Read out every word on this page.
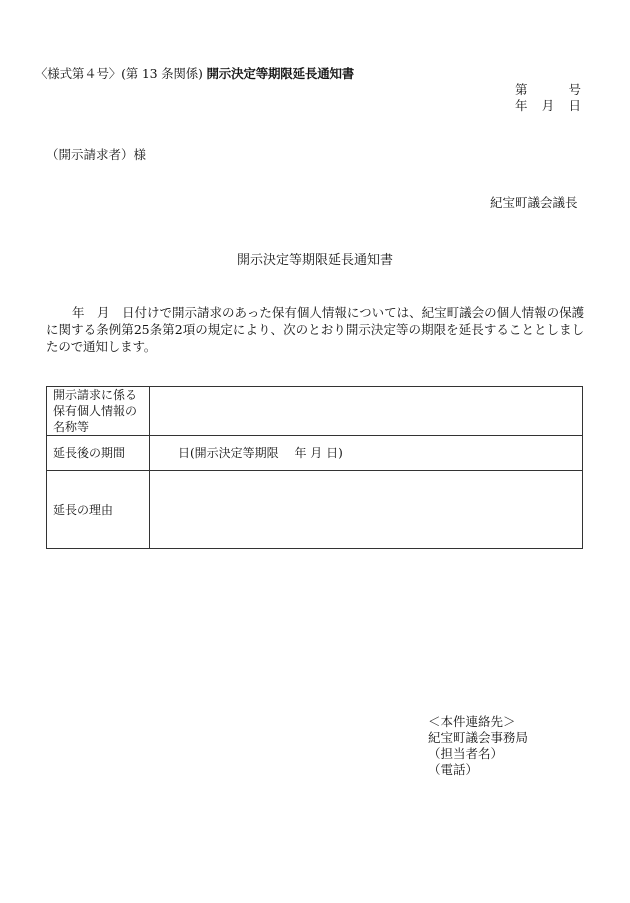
〈様式第４号〉(第 13 条関係) 開示決定等期限延長通知書
第	号
年 月 日
（開示請求者）様
紀宝町議会議長
開示決定等期限延長通知書
年　月　日付けで開示請求のあった保有個人情報については、紀宝町議会の個人情報の保護に関する条例第25条第2項の規定により、次のとおり開示決定等の期限を延長することとしましたので通知します。
開示請求に係る保有個人情報の名称等	
延長後の期間	日(開示決定等期限　 年 月 日)
延長の理由	
＜本件連絡先＞
紀宝町議会事務局
（担当者名）
（電話）
